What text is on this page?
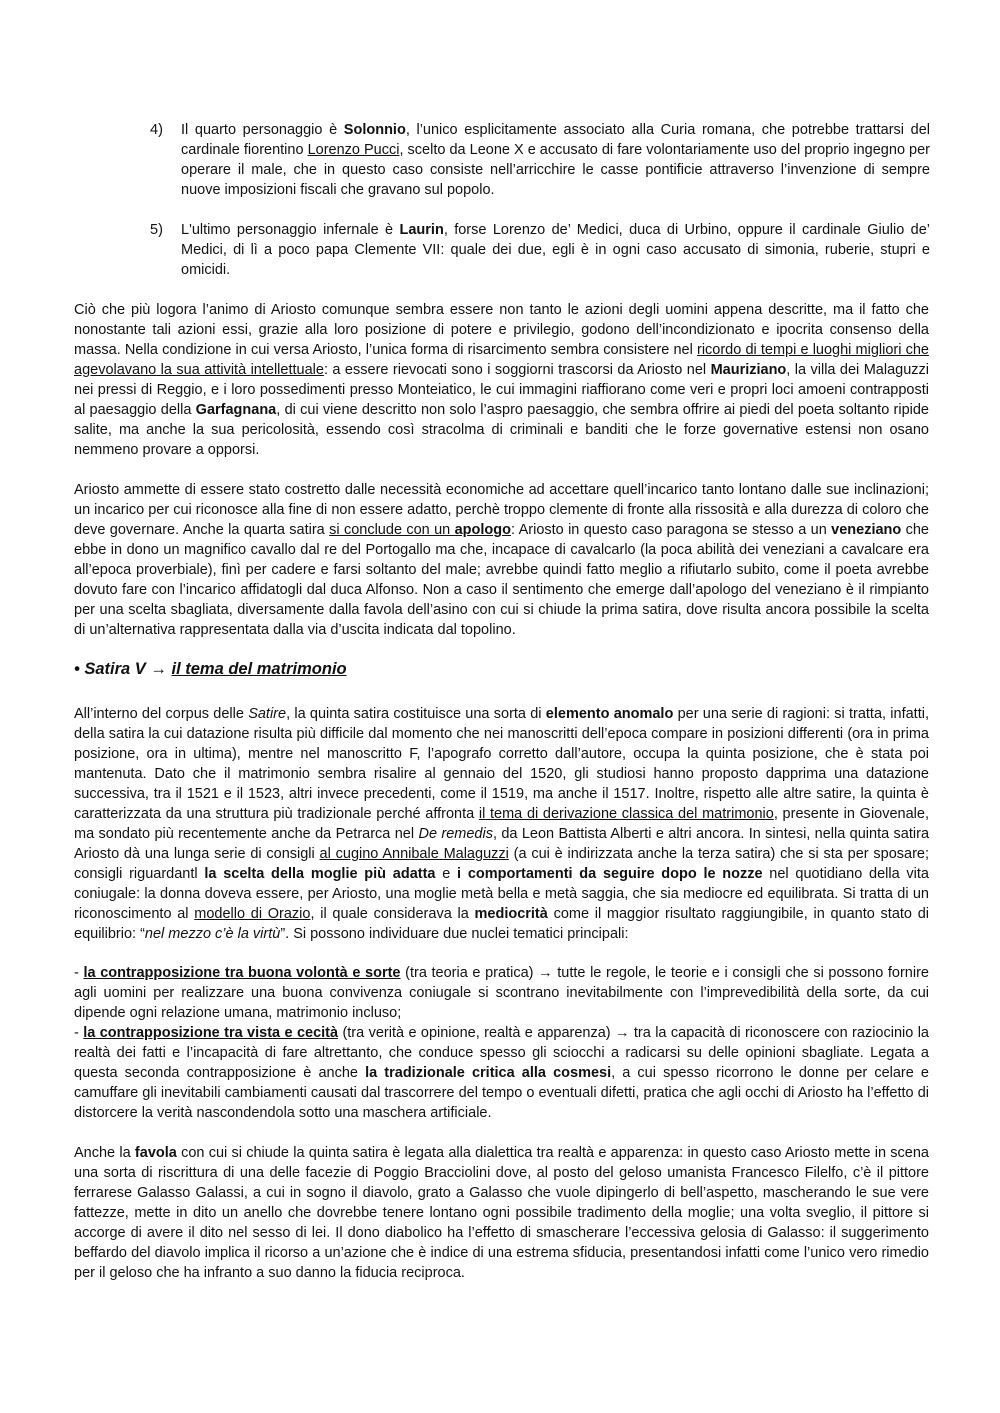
4)	Il quarto personaggio è Solonnio, l’unico esplicitamente associato alla Curia romana, che potrebbe trattarsi del cardinale fiorentino Lorenzo Pucci, scelto da Leone X e accusato di fare volontariamente uso del proprio ingegno per operare il male, che in questo caso consiste nell’arricchire le casse pontificie attraverso l’invenzione di sempre nuove imposizioni fiscali che gravano sul popolo.

5)	L'ultimo personaggio infernale è Laurin, forse Lorenzo de’ Medici, duca di Urbino, oppure il cardinale Giulio de’ Medici, di lì a poco papa Clemente VII: quale dei due, egli è in ogni caso accusato di simonia, ruberie, stupri e omicidi.

Ciò che più logora l’animo di Ariosto comunque sembra essere non tanto le azioni degli uomini appena descritte, ma il fatto che nonostante tali azioni essi, grazie alla loro posizione di potere e privilegio, godono dell’incondizionato e ipocrita consenso della massa. Nella condizione in cui versa Ariosto, l’unica forma di risarcimento sembra consistere nel ricordo di tempi e luoghi migliori che agevolavano la sua attività intellettuale: a essere rievocati sono i soggiorni trascorsi da Ariosto nel Mauriziano, la villa dei Malaguzzi nei pressi di Reggio, e i loro possedimenti presso Monteiatico, le cui immagini riaffiorano come veri e propri loci amoeni contrapposti al paesaggio della Garfagnana, di cui viene descritto non solo l’aspro paesaggio, che sembra offrire ai piedi del poeta soltanto ripide salite, ma anche la sua pericolosità, essendo così stracolma di criminali e banditi che le forze governative estensi non osano nemmeno provare a opporsi.

Ariosto ammette di essere stato costretto dalle necessità economiche ad accettare quell’incarico tanto lontano dalle sue inclinazioni; un incarico per cui riconosce alla fine di non essere adatto, perchè troppo clemente di fronte alla rissosità e alla durezza di coloro che deve governare. Anche la quarta satira si conclude con un apologo: Ariosto in questo caso paragona se stesso a un veneziano che ebbe in dono un magnifico cavallo dal re del Portogallo ma che, incapace di cavalcarlo (la poca abilità dei veneziani a cavalcare era all’epoca proverbiale), finì per cadere e farsi soltanto del male; avrebbe quindi fatto meglio a rifiutarlo subito, come il poeta avrebbe dovuto fare con l’incarico affidatogli dal duca Alfonso. Non a caso il sentimento che emerge dall’apologo del veneziano è il rimpianto per una scelta sbagliata, diversamente dalla favola dell’asino con cui si chiude la prima satira, dove risulta ancora possibile la scelta di un’alternativa rappresentata dalla via d’uscita indicata dal topolino.

• Satira V → il tema del matrimonio

All’interno del corpus delle Satire, la quinta satira costituisce una sorta di elemento anomalo per una serie di ragioni: si tratta, infatti, della satira la cui datazione risulta più difficile dal momento che nei manoscritti dell’epoca compare in posizioni differenti (ora in prima posizione, ora in ultima), mentre nel manoscritto F, l’apografo corretto dall’autore, occupa la quinta posizione, che è stata poi mantenuta. Dato che il matrimonio sembra risalire al gennaio del 1520, gli studiosi hanno proposto dapprima una datazione successiva, tra il 1521 e il 1523, altri invece precedenti, come il 1519, ma anche il 1517. Inoltre, rispetto alle altre satire, la quinta è caratterizzata da una struttura più tradizionale perché affronta il tema di derivazione classica del matrimonio, presente in Giovenale, ma sondato più recentemente anche da Petrarca nel De remedis, da Leon Battista Alberti e altri ancora. In sintesi, nella quinta satira Ariosto dà una lunga serie di consigli al cugino Annibale Malaguzzi (a cui è indirizzata anche la terza satira) che si sta per sposare; consigli riguardantl la scelta della moglie più adatta e i comportamenti da seguire dopo le nozze nel quotidiano della vita coniugale: la donna doveva essere, per Ariosto, una moglie metà bella e metà saggia, che sia mediocre ed equilibrata. Si tratta di un riconoscimento al modello di Orazio, il quale considerava la mediocrità come il maggior risultato raggiungibile, in quanto stato di equilibrio: “nel mezzo c’è la virtù”. Si possono individuare due nuclei tematici principali:

- la contrapposizione tra buona volontà e sorte (tra teoria e pratica) → tutte le regole, le teorie e i consigli che si possono fornire agli uomini per realizzare una buona convivenza coniugale si scontrano inevitabilmente con l’imprevedibilità della sorte, da cui dipende ogni relazione umana, matrimonio incluso;

- la contrapposizione tra vista e cecità (tra verità e opinione, realtà e apparenza) → tra la capacità di riconoscere con raziocinio la realtà dei fatti e l’incapacità di fare altrettanto, che conduce spesso gli sciocchi a radicarsi su delle opinioni sbagliate. Legata a questa seconda contrapposizione è anche la tradizionale critica alla cosmesi, a cui spesso ricorrono le donne per celare e camuffare gli inevitabili cambiamenti causati dal trascorrere del tempo o eventuali difetti, pratica che agli occhi di Ariosto ha l’effetto di distorcere la verità nascondendola sotto una maschera artificiale.

Anche la favola con cui si chiude la quinta satira è legata alla dialettica tra realtà e apparenza: in questo caso Ariosto mette in scena una sorta di riscrittura di una delle facezie di Poggio Bracciolini dove, al posto del geloso umanista Francesco Filelfo, c’è il pittore ferrarese Galasso Galassi, a cui in sogno il diavolo, grato a Galasso che vuole dipingerlo di bell’aspetto, mascherando le sue vere fattezze, mette in dito un anello che dovrebbe tenere lontano ogni possibile tradimento della moglie; una volta sveglio, il pittore si accorge di avere il dito nel sesso di lei. Il dono diabolico ha l’effetto di smascherare l’eccessiva gelosia di Galasso: il suggerimento beffardo del diavolo implica il ricorso a un’azione che è indice di una estrema sfiducia, presentandosi infatti come l’unico vero rimedio per il geloso che ha infranto a suo danno la fiducia reciproca.
